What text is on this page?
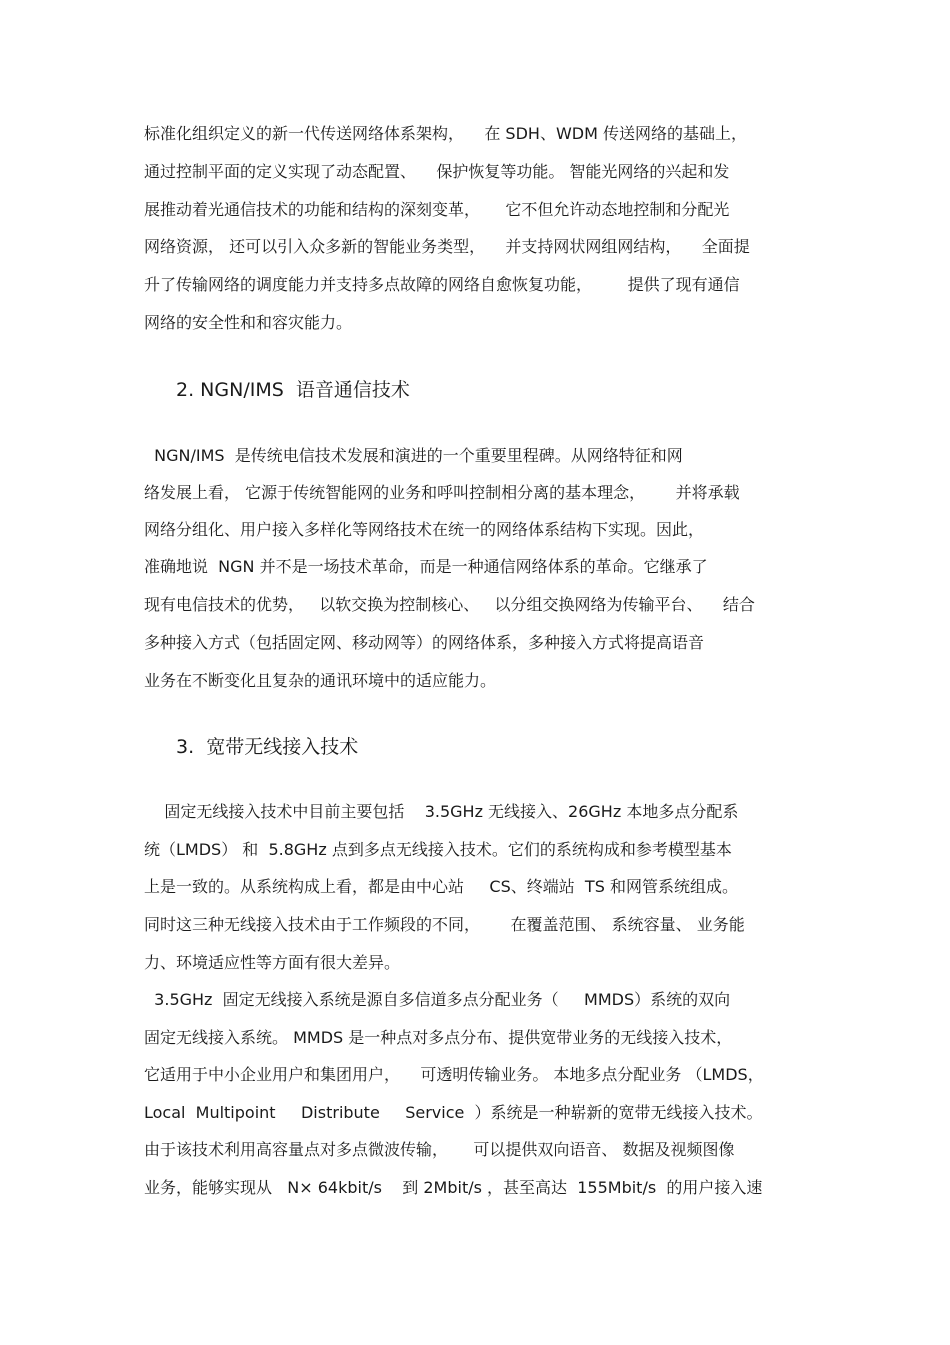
标准化组织定义的新一代传送网络体系架构，    在 SDH、WDM 传送网络的基础上，
通过控制平面的定义实现了动态配置、    保护恢复等功能。 智能光网络的兴起和发
展推动着光通信技术的功能和结构的深刻变革，     它不但允许动态地控制和分配光
网络资源， 还可以引入众多新的智能业务类型，    并支持网状网组网结构，    全面提
升了传输网络的调度能力并支持多点故障的网络自愈恢复功能，       提供了现有通信
网络的安全性和和容灾能力。
2. NGN/IMS  语音通信技术
NGN/IMS  是传统电信技术发展和演进的一个重要里程碑。从网络特征和网
络发展上看， 它源于传统智能网的业务和呼叫控制相分离的基本理念，      并将承载
网络分组化、用户接入多样化等网络技术在统一的网络体系结构下实现。因此，
准确地说  NGN 并不是一场技术革命，而是一种通信网络体系的革命。它继承了
现有电信技术的优势，   以软交换为控制核心、   以分组交换网络为传输平台、    结合
多种接入方式（包括固定网、移动网等）的网络体系，多种接入方式将提高语音
业务在不断变化且复杂的通讯环境中的适应能力。
3.  宽带无线接入技术
固定无线接入技术中目前主要包括    3.5GHz 无线接入、26GHz 本地多点分配系
统（LMDS） 和  5.8GHz 点到多点无线接入技术。它们的系统构成和参考模型基本
上是一致的。从系统构成上看，都是由中心站     CS、终端站  TS 和网管系统组成。
同时这三种无线接入技术由于工作频段的不同，      在覆盖范围、 系统容量、 业务能
力、环境适应性等方面有很大差异。
3.5GHz  固定无线接入系统是源自多信道多点分配业务（     MMDS）系统的双向
固定无线接入系统。 MMDS 是一种点对多点分布、提供宽带业务的无线接入技术，
它适用于中小企业用户和集团用户，    可透明传输业务。 本地多点分配业务 （LMDS，
Local  Multipoint     Distribute     Service  ）系统是一种崭新的宽带无线接入技术。
由于该技术利用高容量点对多点微波传输，     可以提供双向语音、 数据及视频图像
业务，能够实现从   N× 64kbit/s    到 2Mbit/s ，甚至高达  155Mbit/s  的用户接入速
